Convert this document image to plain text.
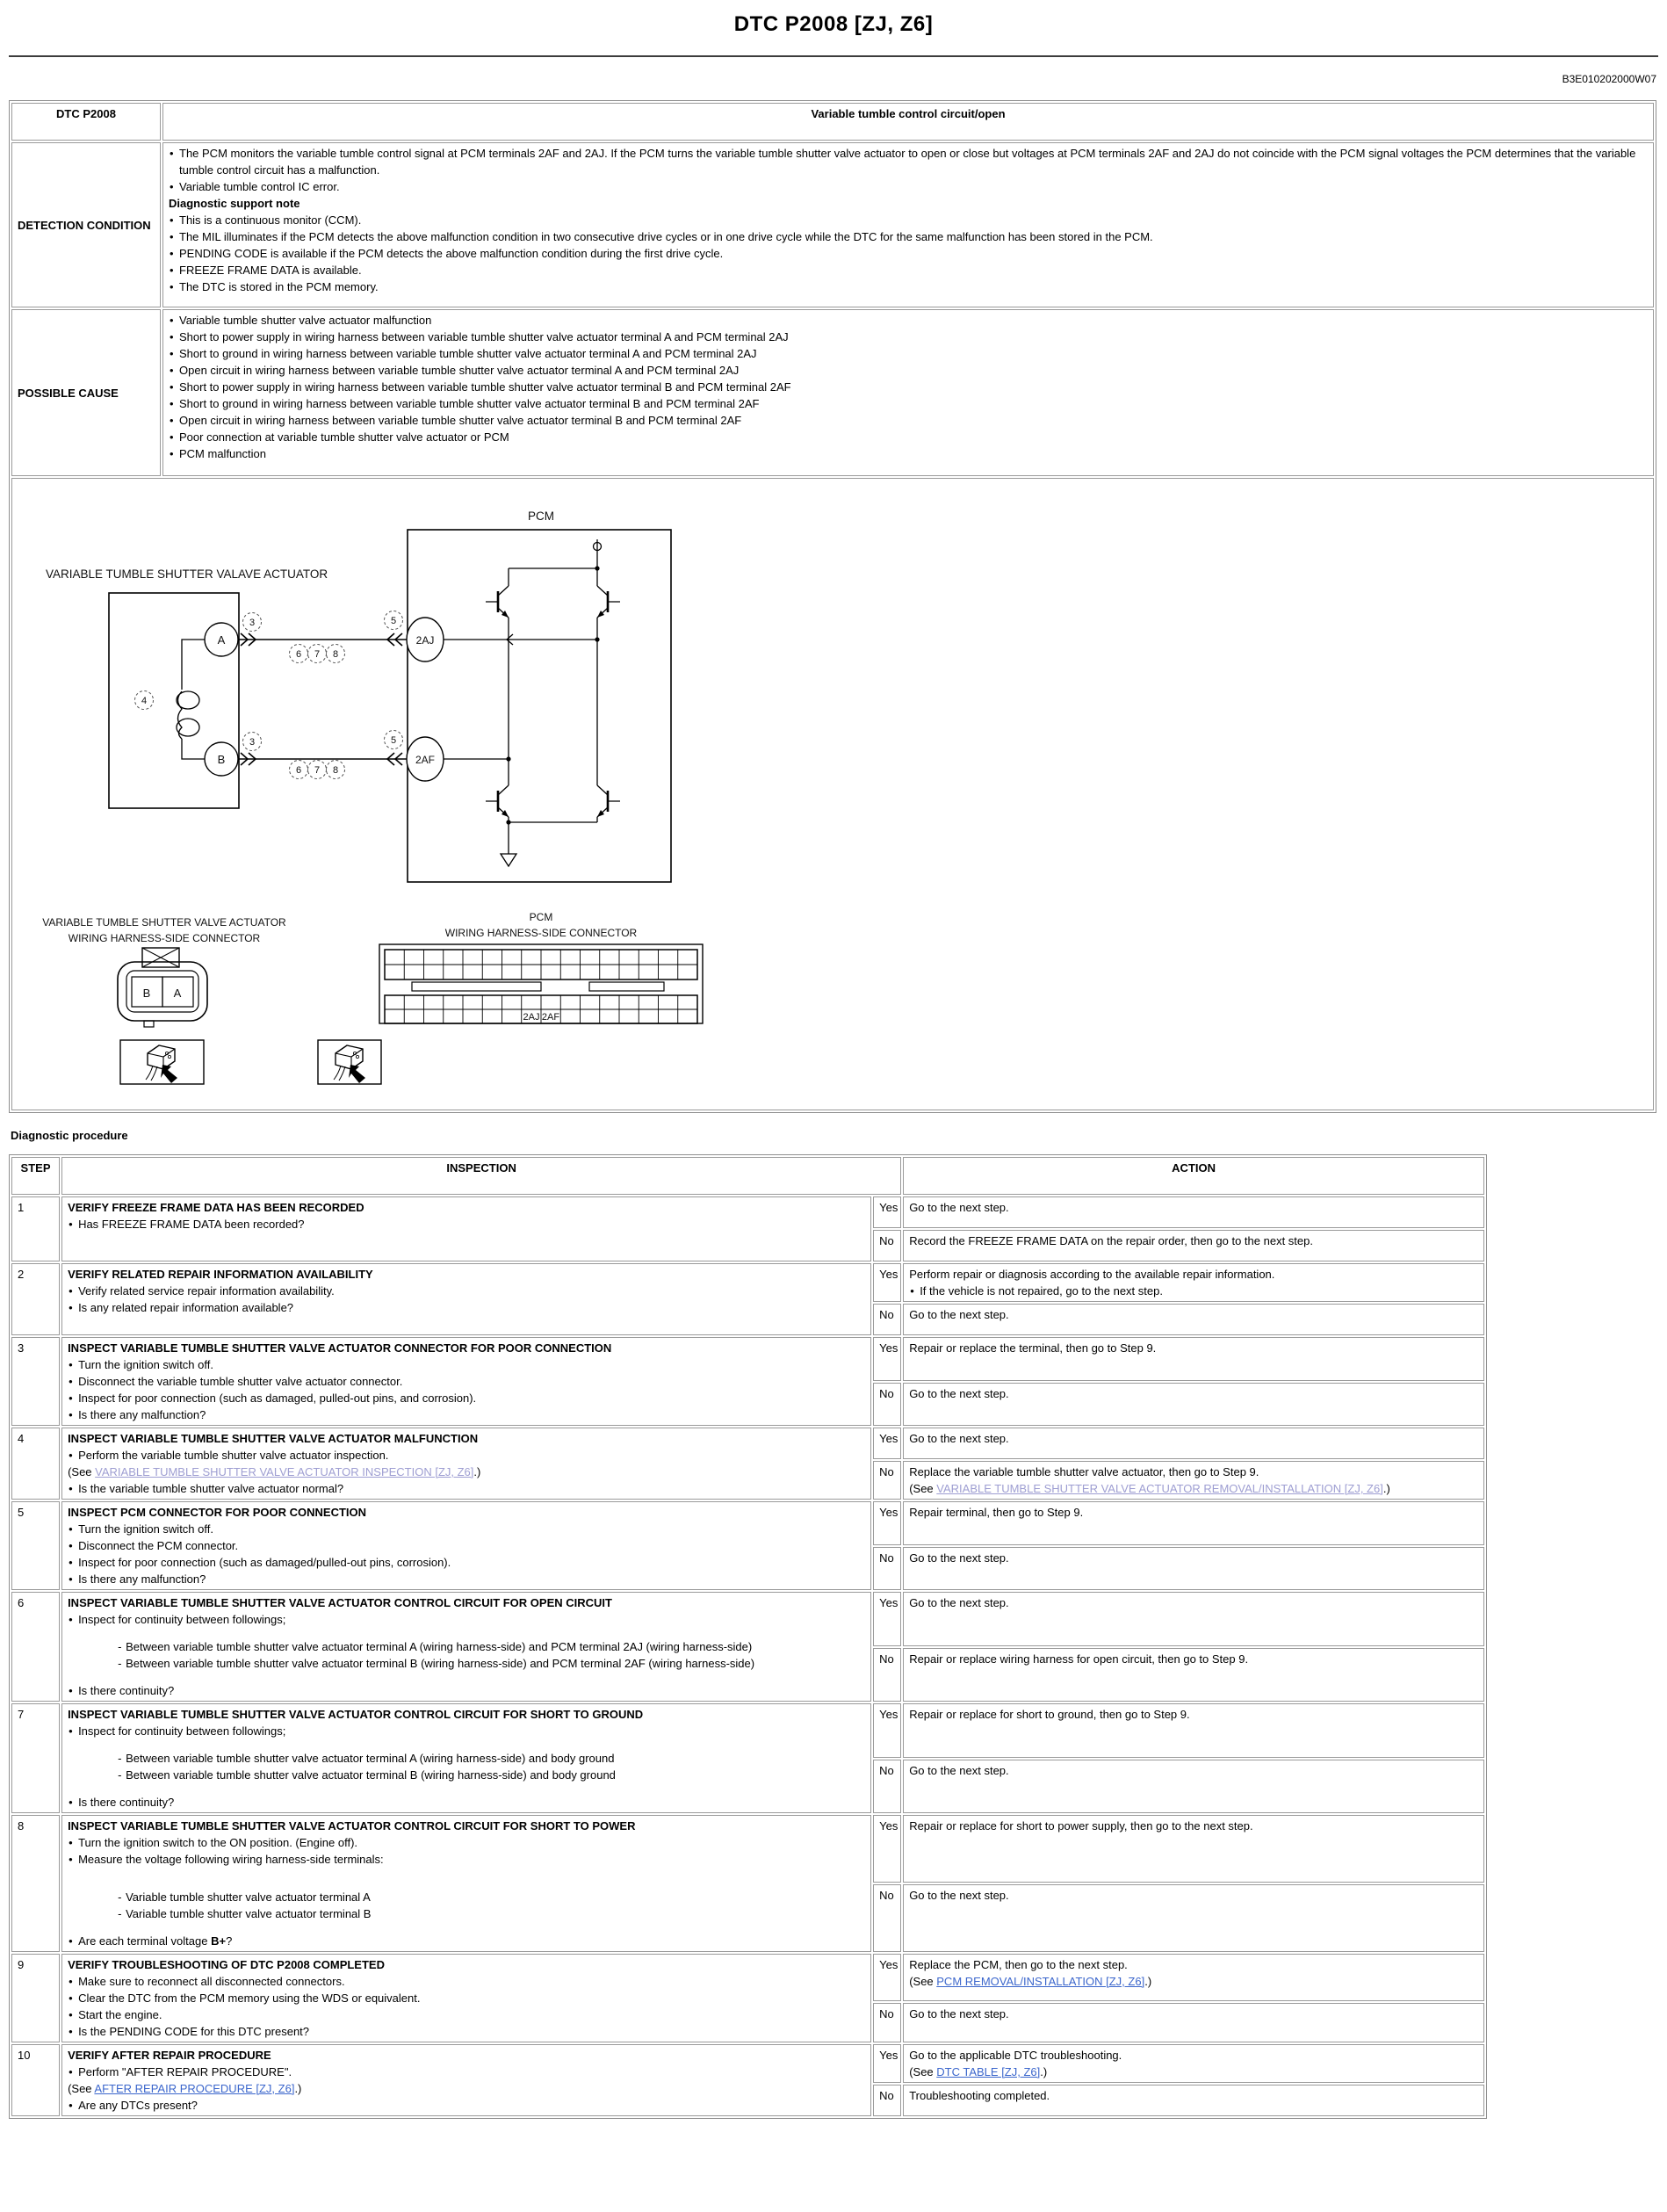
DTC P2008 [ZJ, Z6]
B3E010202000W07
DTC P2008	Variable tumble control circuit/open
DETECTION CONDITION	
• The PCM monitors the variable tumble control signal at PCM terminals 2AF and 2AJ. If the PCM turns the variable tumble shutter valve actuator to open or close but voltages at PCM terminals 2AF and 2AJ do not coincide with the PCM signal voltages the PCM determines that the variable tumble control circuit has a malfunction.
• Variable tumble control IC error.
Diagnostic support note
• This is a continuous monitor (CCM).
• The MIL illuminates if the PCM detects the above malfunction condition in two consecutive drive cycles or in one drive cycle while the DTC for the same malfunction has been stored in the PCM.
• PENDING CODE is available if the PCM detects the above malfunction condition during the first drive cycle.
• FREEZE FRAME DATA is available.
• The DTC is stored in the PCM memory.

POSSIBLE CAUSE	
• Variable tumble shutter valve actuator malfunction
• Short to power supply in wiring harness between variable tumble shutter valve actuator terminal A and PCM terminal 2AJ
• Short to ground in wiring harness between variable tumble shutter valve actuator terminal A and PCM terminal 2AJ
• Open circuit in wiring harness between variable tumble shutter valve actuator terminal A and PCM terminal 2AJ
• Short to power supply in wiring harness between variable tumble shutter valve actuator terminal B and PCM terminal 2AF
• Short to ground in wiring harness between variable tumble shutter valve actuator terminal B and PCM terminal 2AF
• Open circuit in wiring harness between variable tumble shutter valve actuator terminal B and PCM terminal 2AF
• Poor connection at variable tumble shutter valve actuator or PCM
• PCM malfunction

VARIABLE TUMBLE SHUTTER VALAVE ACTUATOR
PCM
A
B
2AJ
2AF
3	5
6 7 8
3	5
6 7 8
4
VARIABLE TUMBLE SHUTTER VALVE ACTUATOR
WIRING HARNESS-SIDE CONNECTOR
B A
PCM
WIRING HARNESS-SIDE CONNECTOR
2AJ 2AF
Diagnostic procedure
STEP	INSPECTION		ACTION
1	VERIFY FREEZE FRAME DATA HAS BEEN RECORDED
• Has FREEZE FRAME DATA been recorded?	Yes	Go to the next step.

		No	Record the FREEZE FRAME DATA on the repair order, then go to the next step.

2	VERIFY RELATED REPAIR INFORMATION AVAILABILITY
• Verify related service repair information availability.
• Is any related repair information available?
	Yes	Perform repair or diagnosis according to the available repair information.
• If the vehicle is not repaired, go to the next step.

		No	Go to the next step.

3	INSPECT VARIABLE TUMBLE SHUTTER VALVE ACTUATOR CONNECTOR FOR POOR CONNECTION
• Turn the ignition switch off.
• Disconnect the variable tumble shutter valve actuator connector.
• Inspect for poor connection (such as damaged, pulled-out pins, and corrosion).
• Is there any malfunction?	Yes	Repair or replace the terminal, then go to Step 9.

		No	Go to the next step.

4	INSPECT VARIABLE TUMBLE SHUTTER VALVE ACTUATOR MALFUNCTION
• Perform the variable tumble shutter valve actuator inspection.
(See VARIABLE TUMBLE SHUTTER VALVE ACTUATOR INSPECTION [ZJ, Z6].)
• Is the variable tumble shutter valve actuator normal?	Yes	Go to the next step.

		No	Replace the variable tumble shutter valve actuator, then go to Step 9.
(See VARIABLE TUMBLE SHUTTER VALVE ACTUATOR REMOVAL/INSTALLATION [ZJ, Z6].)

5	INSPECT PCM CONNECTOR FOR POOR CONNECTION
• Turn the ignition switch off.
• Disconnect the PCM connector.
• Inspect for poor connection (such as damaged/pulled-out pins, corrosion).
• Is there any malfunction?	Yes	Repair terminal, then go to Step 9.

		No	Go to the next step.

6	INSPECT VARIABLE TUMBLE SHUTTER VALVE ACTUATOR CONTROL CIRCUIT FOR OPEN CIRCUIT
• Inspect for continuity between followings;
- Between variable tumble shutter valve actuator terminal A (wiring harness-side) and PCM terminal 2AJ (wiring harness-side)
- Between variable tumble shutter valve actuator terminal B (wiring harness-side) and PCM terminal 2AF (wiring harness-side)
• Is there continuity?	Yes	Go to the next step.

		No	Repair or replace wiring harness for open circuit, then go to Step 9.

7	INSPECT VARIABLE TUMBLE SHUTTER VALVE ACTUATOR CONTROL CIRCUIT FOR SHORT TO GROUND
• Inspect for continuity between followings;
- Between variable tumble shutter valve actuator terminal A (wiring harness-side) and body ground
- Between variable tumble shutter valve actuator terminal B (wiring harness-side) and body ground
• Is there continuity?	Yes	Repair or replace for short to ground, then go to Step 9.

		No	Go to the next step.

8	INSPECT VARIABLE TUMBLE SHUTTER VALVE ACTUATOR CONTROL CIRCUIT FOR SHORT TO POWER
• Turn the ignition switch to the ON position. (Engine off).
• Measure the voltage following wiring harness-side terminals:
- Variable tumble shutter valve actuator terminal A
- Variable tumble shutter valve actuator terminal B
• Are each terminal voltage B+?
	Yes	Repair or replace for short to power supply, then go to the next step.

		No	Go to the next step.

9	VERIFY TROUBLESHOOTING OF DTC P2008 COMPLETED
• Make sure to reconnect all disconnected connectors.
• Clear the DTC from the PCM memory using the WDS or equivalent.
• Start the engine.
• Is the PENDING CODE for this DTC present?
	Yes	Replace the PCM, then go to the next step.
(See PCM REMOVAL/INSTALLATION [ZJ, Z6].)

		No	Go to the next step.

10	VERIFY AFTER REPAIR PROCEDURE
• Perform "AFTER REPAIR PROCEDURE".
(See AFTER REPAIR PROCEDURE [ZJ, Z6].)
• Are any DTCs present?
	Yes	Go to the applicable DTC troubleshooting.
(See DTC TABLE [ZJ, Z6].)

		No	Troubleshooting completed.
